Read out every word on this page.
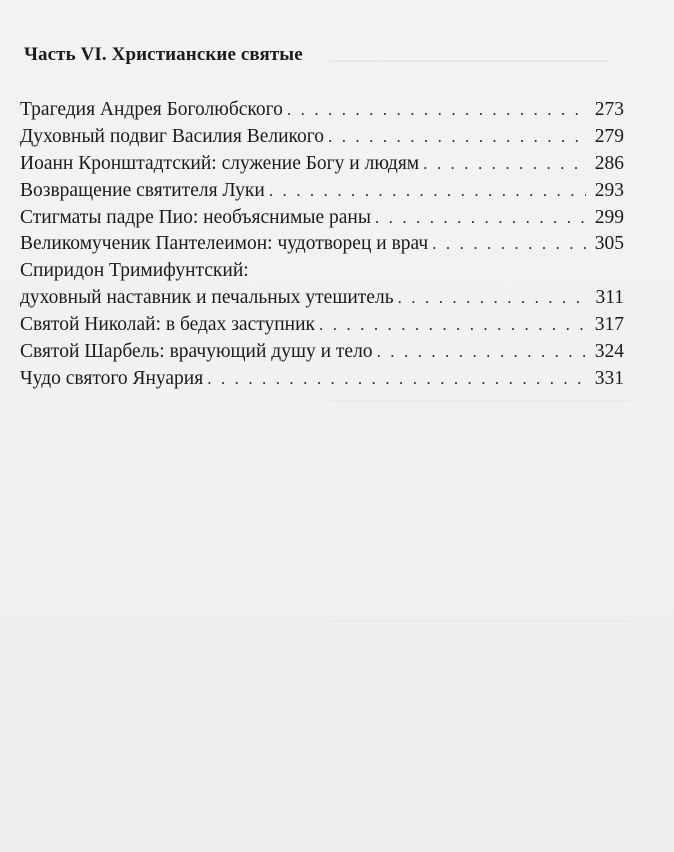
Часть VI. Христианские святые
Трагедия Андрея Боголюбского . . .	273
Духовный подвиг Василия Великого . . .	279
Иоанн Кронштадтский: служение Богу и людям . . .	286
Возвращение святителя Луки . . .	293
Стигматы падре Пио: необъяснимые раны . . .	299
Великомученик Пантелеимон: чудотворец и врач . . .	305
Спиридон Тримифунтский:
духовный наставник и печальных утешитель . . .	311
Святой Николай: в бедах заступник . . .	317
Святой Шарбель: врачующий душу и тело . . .	324
Чудо святого Януария . . .	331
